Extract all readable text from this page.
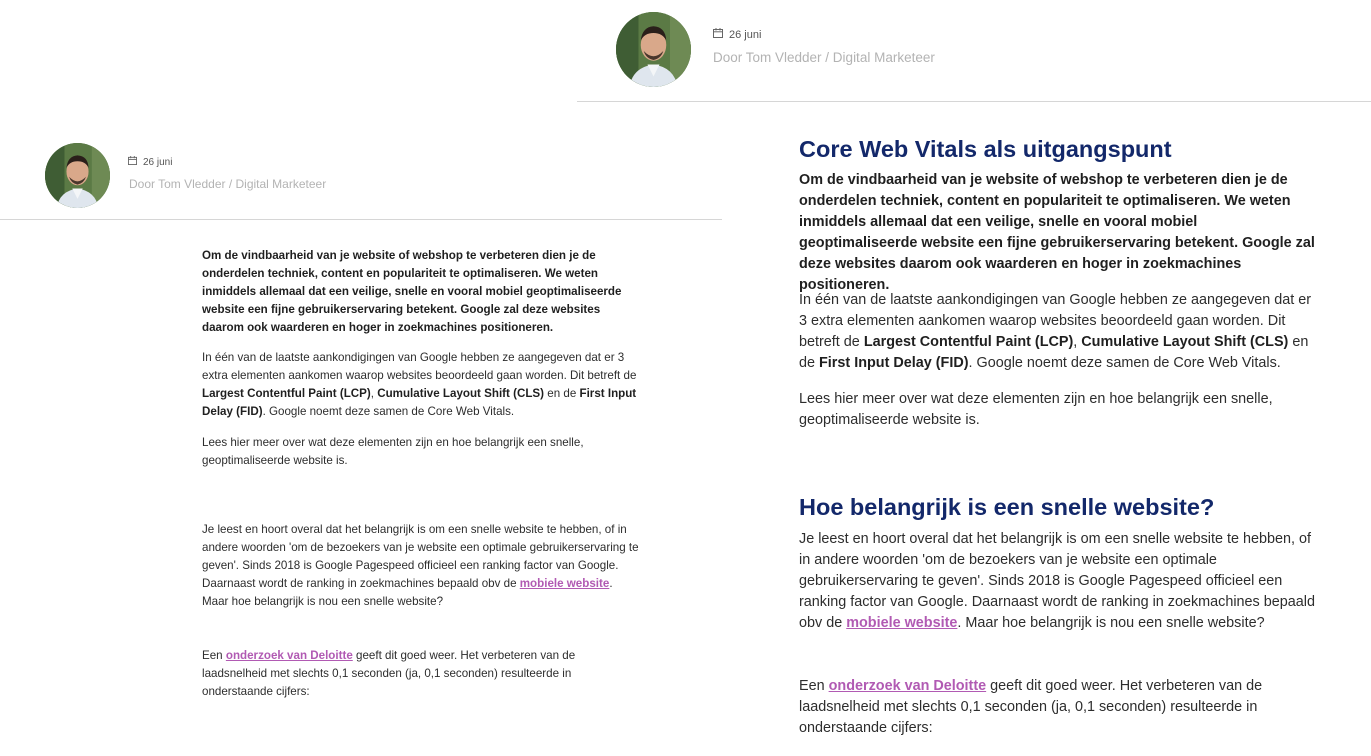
26 juni
Door Tom Vledder / Digital Marketeer

Om de vindbaarheid van je website of webshop te verbeteren dien je de onderdelen techniek, content en populariteit te optimaliseren. We weten inmiddels allemaal dat een veilige, snelle en vooral mobiel geoptimaliseerde website een fijne gebruikerservaring betekent. Google zal deze websites daarom ook waarderen en hoger in zoekmachines positioneren.

In één van de laatste aankondigingen van Google hebben ze aangegeven dat er 3 extra elementen aankomen waarop websites beoordeeld gaan worden. Dit betreft de Largest Contentful Paint (LCP), Cumulative Layout Shift (CLS) en de First Input Delay (FID). Google noemt deze samen de Core Web Vitals.

Lees hier meer over wat deze elementen zijn en hoe belangrijk een snelle, geoptimaliseerde website is.

Je leest en hoort overal dat het belangrijk is om een snelle website te hebben, of in andere woorden 'om de bezoekers van je website een optimale gebruikerservaring te geven'. Sinds 2018 is Google Pagespeed officieel een ranking factor van Google. Daarnaast wordt de ranking in zoekmachines bepaald obv de mobiele website. Maar hoe belangrijk is nou een snelle website?

Een onderzoek van Deloitte geeft dit goed weer. Het verbeteren van de laadsnelheid met slechts 0,1 seconden (ja, 0,1 seconden) resulteerde in onderstaande cijfers:

26 juni
Door Tom Vledder / Digital Marketeer
Core Web Vitals als uitgangspunt

Om de vindbaarheid van je website of webshop te verbeteren dien je de onderdelen techniek, content en populariteit te optimaliseren. We weten inmiddels allemaal dat een veilige, snelle en vooral mobiel geoptimaliseerde website een fijne gebruikerservaring betekent. Google zal deze websites daarom ook waarderen en hoger in zoekmachines positioneren.

In één van de laatste aankondigingen van Google hebben ze aangegeven dat er 3 extra elementen aankomen waarop websites beoordeeld gaan worden. Dit betreft de Largest Contentful Paint (LCP), Cumulative Layout Shift (CLS) en de First Input Delay (FID). Google noemt deze samen de Core Web Vitals.

Lees hier meer over wat deze elementen zijn en hoe belangrijk een snelle, geoptimaliseerde website is.

Hoe belangrijk is een snelle website?

Je leest en hoort overal dat het belangrijk is om een snelle website te hebben, of in andere woorden 'om de bezoekers van je website een optimale gebruikerservaring te geven'. Sinds 2018 is Google Pagespeed officieel een ranking factor van Google. Daarnaast wordt de ranking in zoekmachines bepaald obv de mobiele website. Maar hoe belangrijk is nou een snelle website?

Een onderzoek van Deloitte geeft dit goed weer. Het verbeteren van de laadsnelheid met slechts 0,1 seconden (ja, 0,1 seconden) resulteerde in onderstaande cijfers:
